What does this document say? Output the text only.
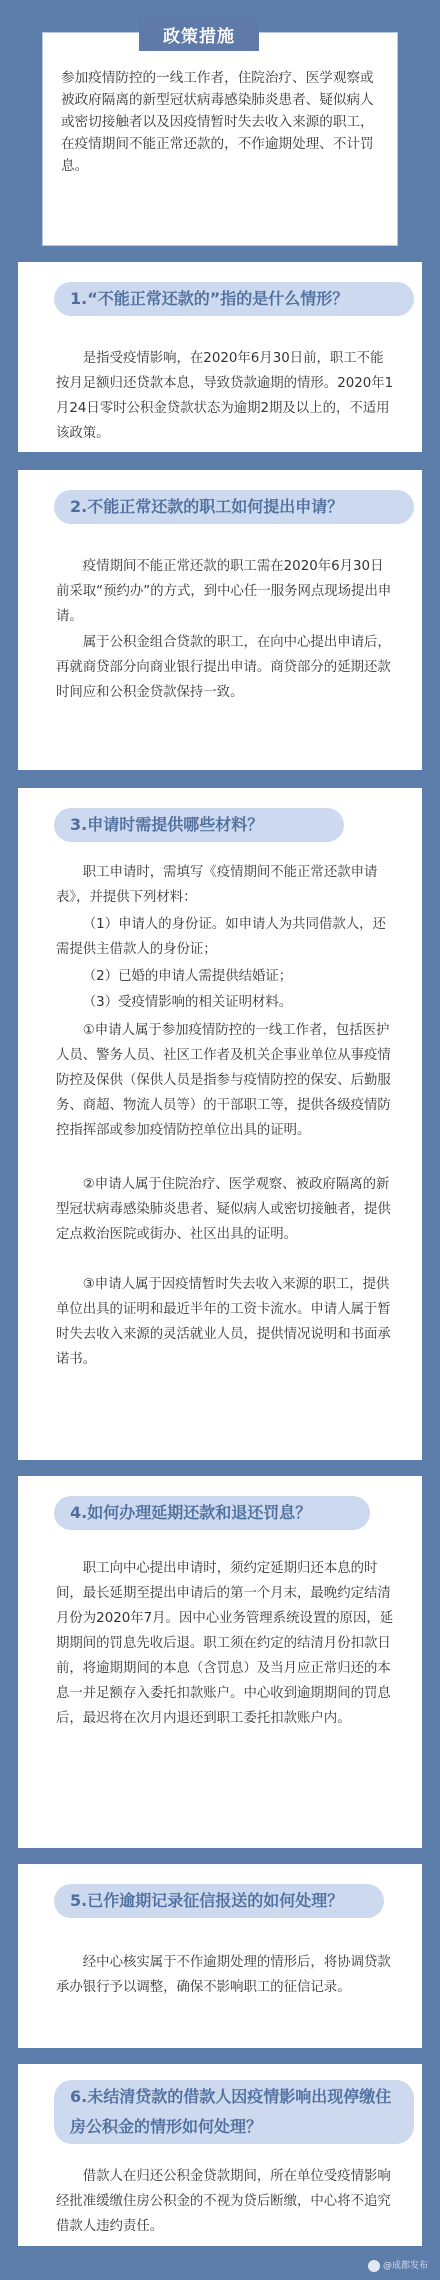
政策措施
参加疫情防控的一线工作者，住院治疗、医学观察或被政府隔离的新型冠状病毒感染肺炎患者、疑似病人或密切接触者以及因疫情暂时失去收入来源的职工，在疫情期间不能正常还款的，不作逾期处理、不计罚息。
1.“不能正常还款的”指的是什么情形？
是指受疫情影响，在2020年6月30日前，职工不能按月足额归还贷款本息，导致贷款逾期的情形。2020年1月24日零时公积金贷款状态为逾期2期及以上的，不适用该政策。
2.不能正常还款的职工如何提出申请？
疫情期间不能正常还款的职工需在2020年6月30日前采取“预约办”的方式，到中心任一服务网点现场提出申请。
属于公积金组合贷款的职工，在向中心提出申请后，再就商贷部分向商业银行提出申请。商贷部分的延期还款时间应和公积金贷款保持一致。
3.申请时需提供哪些材料？
职工申请时，需填写《疫情期间不能正常还款申请表》，并提供下列材料：
（1）申请人的身份证。如申请人为共同借款人，还需提供主借款人的身份证；
（2）已婚的申请人需提供结婚证；
（3）受疫情影响的相关证明材料。
①申请人属于参加疫情防控的一线工作者，包括医护人员、警务人员、社区工作者及机关企事业单位从事疫情防控及保供（保供人员是指参与疫情防控的保安、后勤服务、商超、物流人员等）的干部职工等，提供各级疫情防控指挥部或参加疫情防控单位出具的证明。
②申请人属于住院治疗、医学观察、被政府隔离的新型冠状病毒感染肺炎患者、疑似病人或密切接触者，提供定点救治医院或街办、社区出具的证明。
③申请人属于因疫情暂时失去收入来源的职工，提供单位出具的证明和最近半年的工资卡流水。申请人属于暂时失去收入来源的灵活就业人员，提供情况说明和书面承诺书。
4.如何办理延期还款和退还罚息？
职工向中心提出申请时，须约定延期归还本息的时间，最长延期至提出申请后的第一个月末，最晚约定结清月份为2020年7月。因中心业务管理系统设置的原因，延期期间的罚息先收后退。职工须在约定的结清月份扣款日前，将逾期期间的本息（含罚息）及当月应正常归还的本息一并足额存入委托扣款账户。中心收到逾期期间的罚息后，最迟将在次月内退还到职工委托扣款账户内。
5.已作逾期记录征信报送的如何处理？
经中心核实属于不作逾期处理的情形后，将协调贷款承办银行予以调整，确保不影响职工的征信记录。
6.未结清贷款的借款人因疫情影响出现停缴住房公积金的情形如何处理？
借款人在归还公积金贷款期间，所在单位受疫情影响经批准缓缴住房公积金的不视为贷后断缴，中心将不追究借款人违约责任。
@成都发布
